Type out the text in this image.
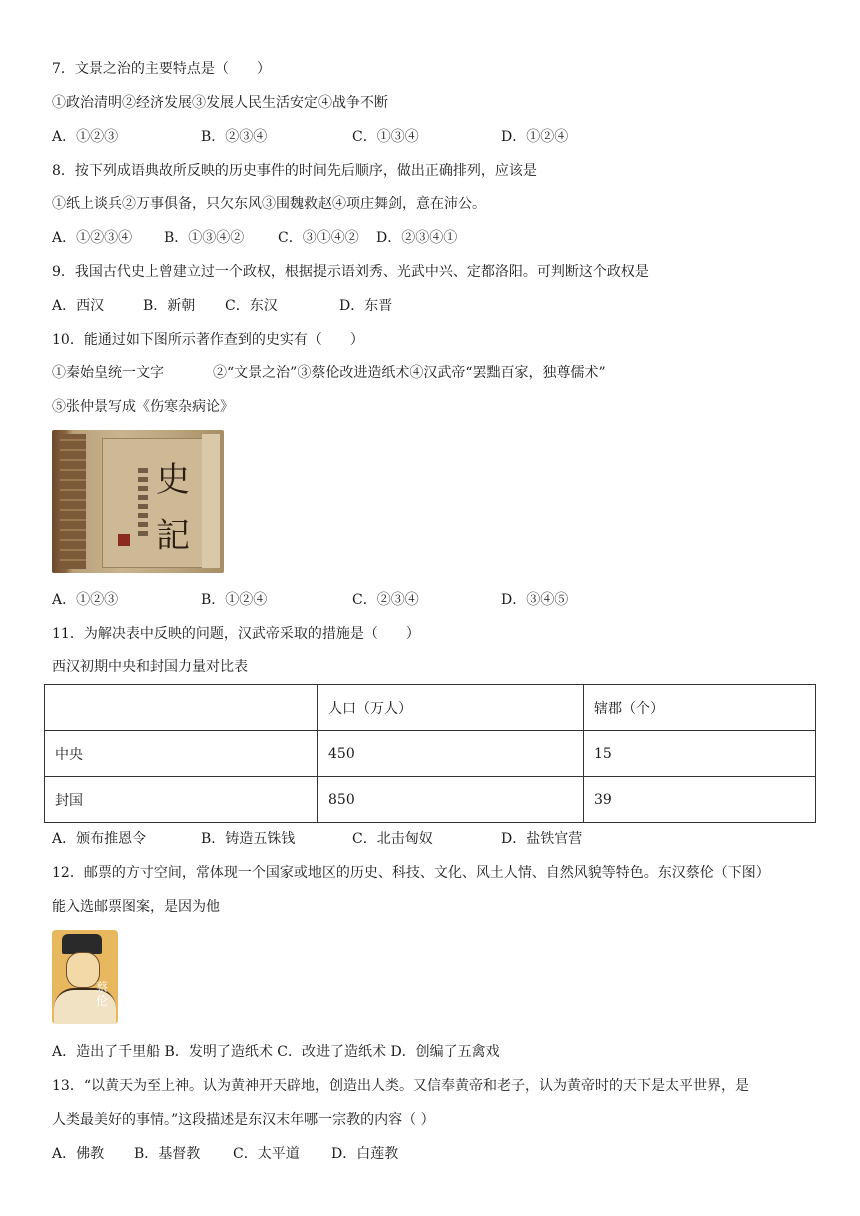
7．文景之治的主要特点是（　　）
①政治清明②经济发展③发展人民生活安定④战争不断
A．①②③	B．②③④	C．①③④	D．①②④
8．按下列成语典故所反映的历史事件的时间先后顺序，做出正确排列，应该是
①纸上谈兵②万事俱备，只欠东风③围魏救赵④项庄舞剑，意在沛公。
A．①②③④ B．①③④② C．③①④② D．②③④①
9．我国古代史上曾建立过一个政权，根据提示语刘秀、光武中兴、定都洛阳。可判断这个政权是
A．西汉	B．新朝 C．东汉	D．东晋
10．能通过如下图所示著作查到的史实有（　　）
①秦始皇统一文字	②“文景之治”③蔡伦改进造纸术④汉武帝“罢黜百家，独尊儒术”
⑤张仲景写成《伤寒杂病论》
史
記
A．①②③	B．①②④	C．②③④	D．③④⑤
11．为解决表中反映的问题，汉武帝采取的措施是（　　）
西汉初期中央和封国力量对比表
	人口（万人）	辖郡（个）
中央	450	15
封国	850	39
A．颁布推恩令	B．铸造五铢钱	C．北击匈奴	D．盐铁官营
12．邮票的方寸空间，常体现一个国家或地区的历史、科技、文化、风土人情、自然风貌等特色。东汉蔡伦（下图）
能入选邮票图案，是因为他
蔡伦
A．造出了千里船 B．发明了造纸术 C．改进了造纸术 D．创编了五禽戏
13．“以黄天为至上神。认为黄神开天辟地，创造出人类。又信奉黄帝和老子，认为黄帝时的天下是太平世界，是
人类最美好的事情。”这段描述是东汉末年哪一宗教的内容（ ）
A．佛教 B．基督教 C．太平道 D．白莲教
